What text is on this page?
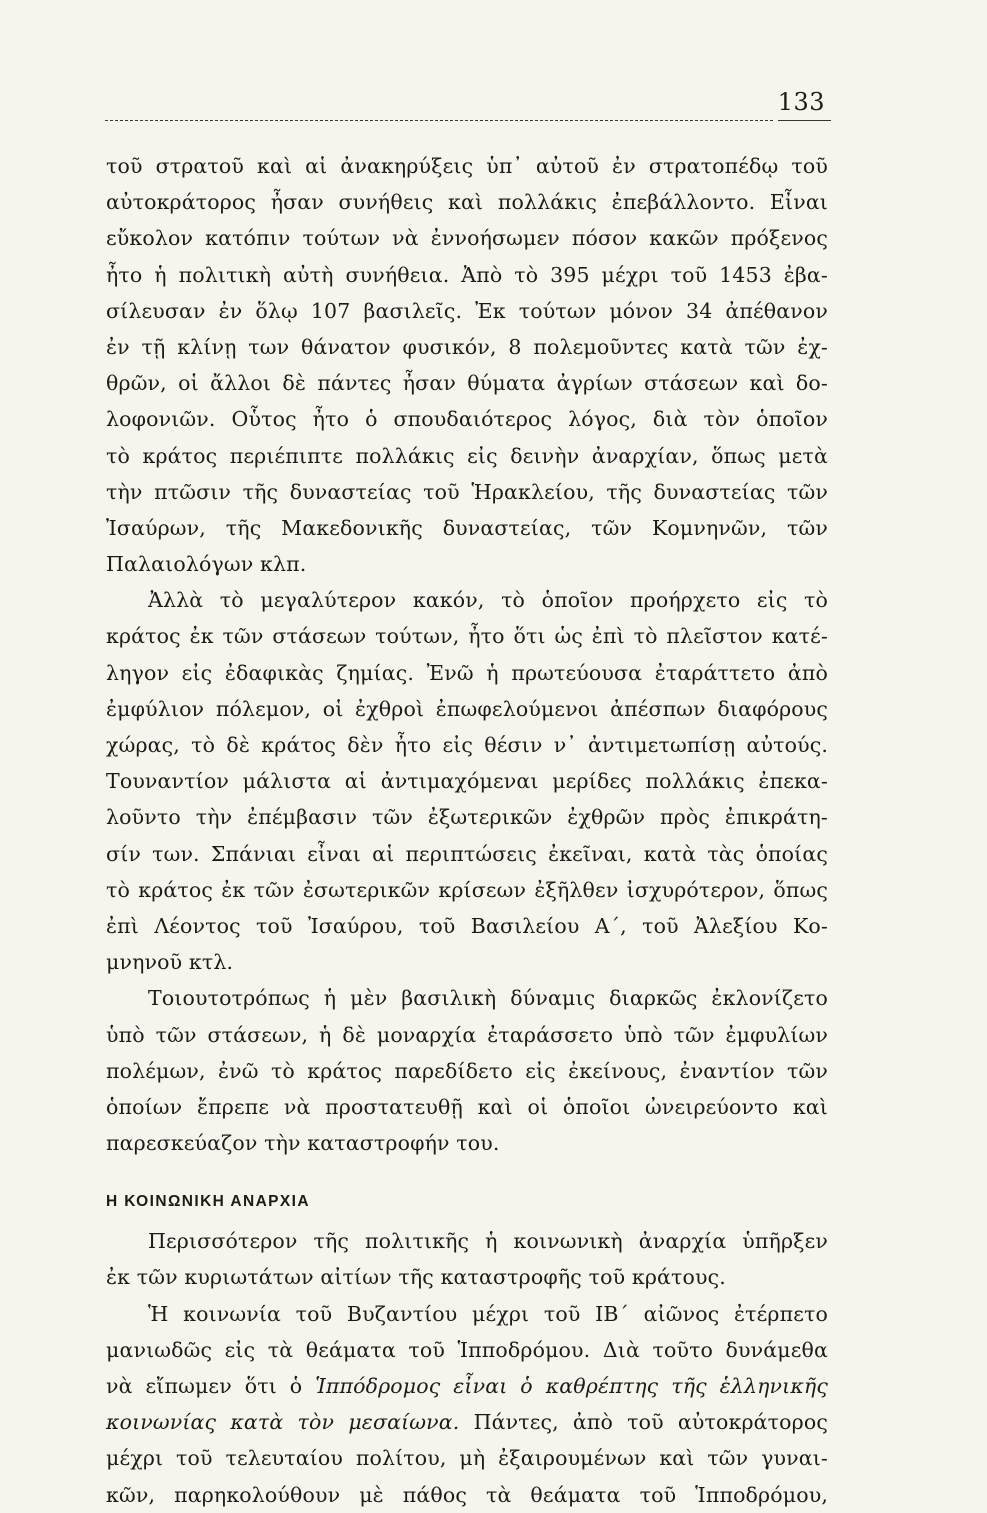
133
τοῦ στρατοῦ καὶ αἱ ἀνακηρύξεις ὑπ᾽ αὐτοῦ ἐν στρατοπέδῳ τοῦ
αὐτοκράτορος ἦσαν συνήθεις καὶ πολλάκις ἐπεβάλλοντο. Εἶναι
εὔκολον κατόπιν τούτων νὰ ἐννοήσωμεν πόσον κακῶν πρόξενος
ἦτο ἡ πολιτικὴ αὐτὴ συνήθεια. Ἀπὸ τὸ 395 μέχρι τοῦ 1453 ἐβα-
σίλευσαν ἐν ὅλῳ 107 βασιλεῖς. Ἐκ τούτων μόνον 34 ἀπέθανον
ἐν τῇ κλίνῃ των θάνατον φυσικόν, 8 πολεμοῦντες κατὰ τῶν ἐχ-
θρῶν, οἱ ἄλλοι δὲ πάντες ἦσαν θύματα ἀγρίων στάσεων καὶ δο-
λοφονιῶν. Οὗτος ἦτο ὁ σπουδαιότερος λόγος, διὰ τὸν ὁποῖον
τὸ κράτος περιέπιπτε πολλάκις εἰς δεινὴν ἀναρχίαν, ὅπως μετὰ
τὴν πτῶσιν τῆς δυναστείας τοῦ Ἡρακλείου, τῆς δυναστείας τῶν
Ἰσαύρων, τῆς Μακεδονικῆς δυναστείας, τῶν Κομνηνῶν, τῶν
Παλαιολόγων κλπ.
Ἀλλὰ τὸ μεγαλύτερον κακόν, τὸ ὁποῖον προήρχετο εἰς τὸ
κράτος ἐκ τῶν στάσεων τούτων, ἦτο ὅτι ὡς ἐπὶ τὸ πλεῖστον κατέ-
ληγον εἰς ἐδαφικὰς ζημίας. Ἐνῶ ἡ πρωτεύουσα ἐταράττετο ἀπὸ
ἐμφύλιον πόλεμον, οἱ ἐχθροὶ ἐπωφελούμενοι ἀπέσπων διαφόρους
χώρας, τὸ δὲ κράτος δὲν ἦτο εἰς θέσιν ν᾽ ἀντιμετωπίσῃ αὐτούς.
Τουναντίον μάλιστα αἱ ἀντιμαχόμεναι μερίδες πολλάκις ἐπεκα-
λοῦντο τὴν ἐπέμβασιν τῶν ἐξωτερικῶν ἐχθρῶν πρὸς ἐπικράτη-
σίν των. Σπάνιαι εἶναι αἱ περιπτώσεις ἐκεῖναι, κατὰ τὰς ὁποίας
τὸ κράτος ἐκ τῶν ἐσωτερικῶν κρίσεων ἐξῆλθεν ἰσχυρότερον, ὅπως
ἐπὶ Λέοντος τοῦ Ἰσαύρου, τοῦ Βασιλείου Α΄, τοῦ Ἀλεξίου Κο-
μνηνοῦ κτλ.
Τοιουτοτρόπως ἡ μὲν βασιλικὴ δύναμις διαρκῶς ἐκλονίζετο
ὑπὸ τῶν στάσεων, ἡ δὲ μοναρχία ἐταράσσετο ὑπὸ τῶν ἐμφυλίων
πολέμων, ἐνῶ τὸ κράτος παρεδίδετο εἰς ἐκείνους, ἐναντίον τῶν
ὁποίων ἔπρεπε νὰ προστατευθῇ καὶ οἱ ὁποῖοι ὠνειρεύοντο καὶ
παρεσκεύαζον τὴν καταστροφήν του.
Η ΚΟΙΝΩΝΙΚΗ ΑΝΑΡΧΙΑ
Περισσότερον τῆς πολιτικῆς ἡ κοινωνικὴ ἀναρχία ὑπῆρξεν
ἐκ τῶν κυριωτάτων αἰτίων τῆς καταστροφῆς τοῦ κράτους.
Ἡ κοινωνία τοῦ Βυζαντίου μέχρι τοῦ ΙΒ΄ αἰῶνος ἐτέρπετο
μανιωδῶς εἰς τὰ θεάματα τοῦ Ἱπποδρόμου. Διὰ τοῦτο δυνάμεθα
νὰ εἴπωμεν ὅτι ὁ Ἱππόδρομος εἶναι ὁ καθρέπτης τῆς ἑλληνικῆς
κοινωνίας κατὰ τὸν μεσαίωνα. Πάντες, ἀπὸ τοῦ αὐτοκράτορος
μέχρι τοῦ τελευταίου πολίτου, μὴ ἐξαιρουμένων καὶ τῶν γυναι-
κῶν, παρηκολούθουν μὲ πάθος τὰ θεάματα τοῦ Ἱπποδρόμου,
